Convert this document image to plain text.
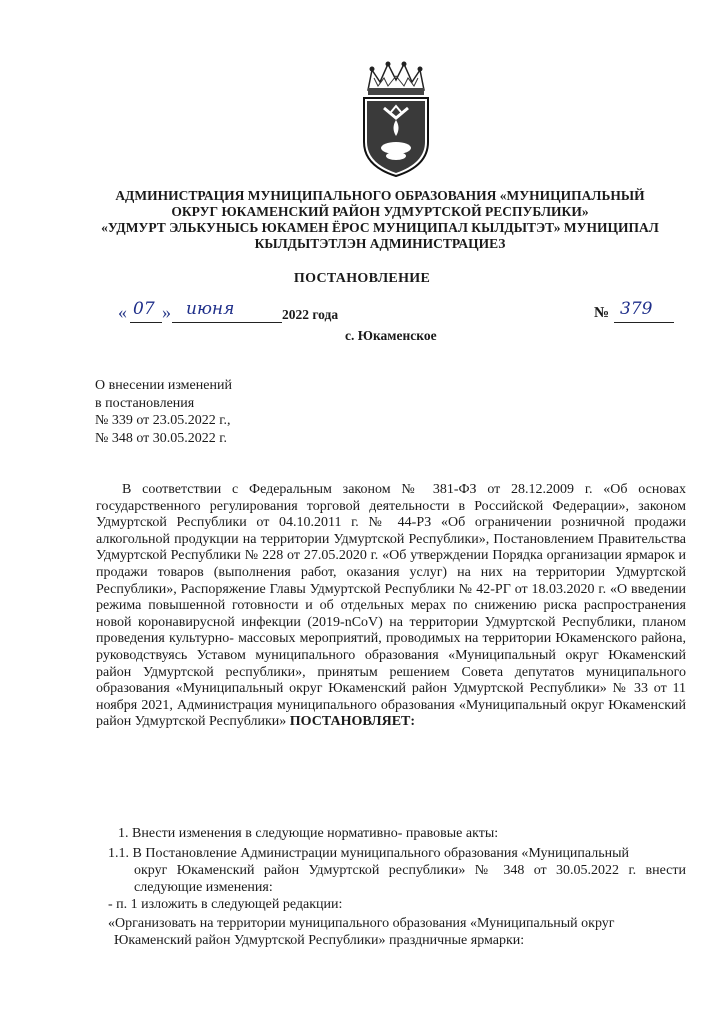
АДМИНИСТРАЦИЯ МУНИЦИПАЛЬНОГО ОБРАЗОВАНИЯ «МУНИЦИПАЛЬНЫЙ
ОКРУГ ЮКАМЕНСКИЙ РАЙОН УДМУРТСКОЙ РЕСПУБЛИКИ»
«УДМУРТ ЭЛЬКУНЫСЬ ЮКАМЕН ЁРОС МУНИЦИПАЛ КЫЛДЫТЭТ» МУНИЦИПАЛ
КЫЛДЫТЭТЛЭН АДМИНИСТРАЦИЕЗ
ПОСТАНОВЛЕНИЕ
« 07 » июня	2022 года	№ 379
с. Юкаменское
О внесении изменений
в постановления
№ 339 от 23.05.2022 г.,
№ 348 от 30.05.2022 г.
В соответствии с Федеральным законом № 381-ФЗ от 28.12.2009 г. «Об основах государственного регулирования торговой деятельности в Российской Федерации», законом Удмуртской Республики от 04.10.2011 г. № 44-РЗ «Об ограничении розничной продажи алкогольной продукции на территории Удмуртской Республики», Постановлением Правительства Удмуртской Республики № 228 от 27.05.2020 г. «Об утверждении Порядка организации ярмарок и продажи товаров (выполнения работ, оказания услуг) на них на территории Удмуртской Республики», Распоряжение Главы Удмуртской Республики № 42-РГ от 18.03.2020 г. «О введении режима повышенной готовности и об отдельных мерах по снижению риска распространения новой коронавирусной инфекции (2019-nCoV) на территории Удмуртской Республики, планом проведения культурно- массовых мероприятий, проводимых на территории Юкаменского района, руководствуясь Уставом муниципального образования «Муниципальный округ Юкаменский район Удмуртской республики», принятым решением Совета депутатов муниципального образования «Муниципальный округ Юкаменский район Удмуртской Республики» № 33 от 11 ноября 2021, Администрация муниципального образования «Муниципальный округ Юкаменский район Удмуртской Республики» ПОСТАНОВЛЯЕТ:
1. Внести изменения в следующие нормативно- правовые акты:
1.1. В Постановление Администрации муниципального образования «Муниципальный
округ Юкаменский район Удмуртской республики» № 348 от 30.05.2022 г. внести следующие изменения:
- п. 1 изложить в следующей редакции:
«Организовать на территории муниципального образования «Муниципальный округ
Юкаменский район Удмуртской Республики» праздничные ярмарки:
